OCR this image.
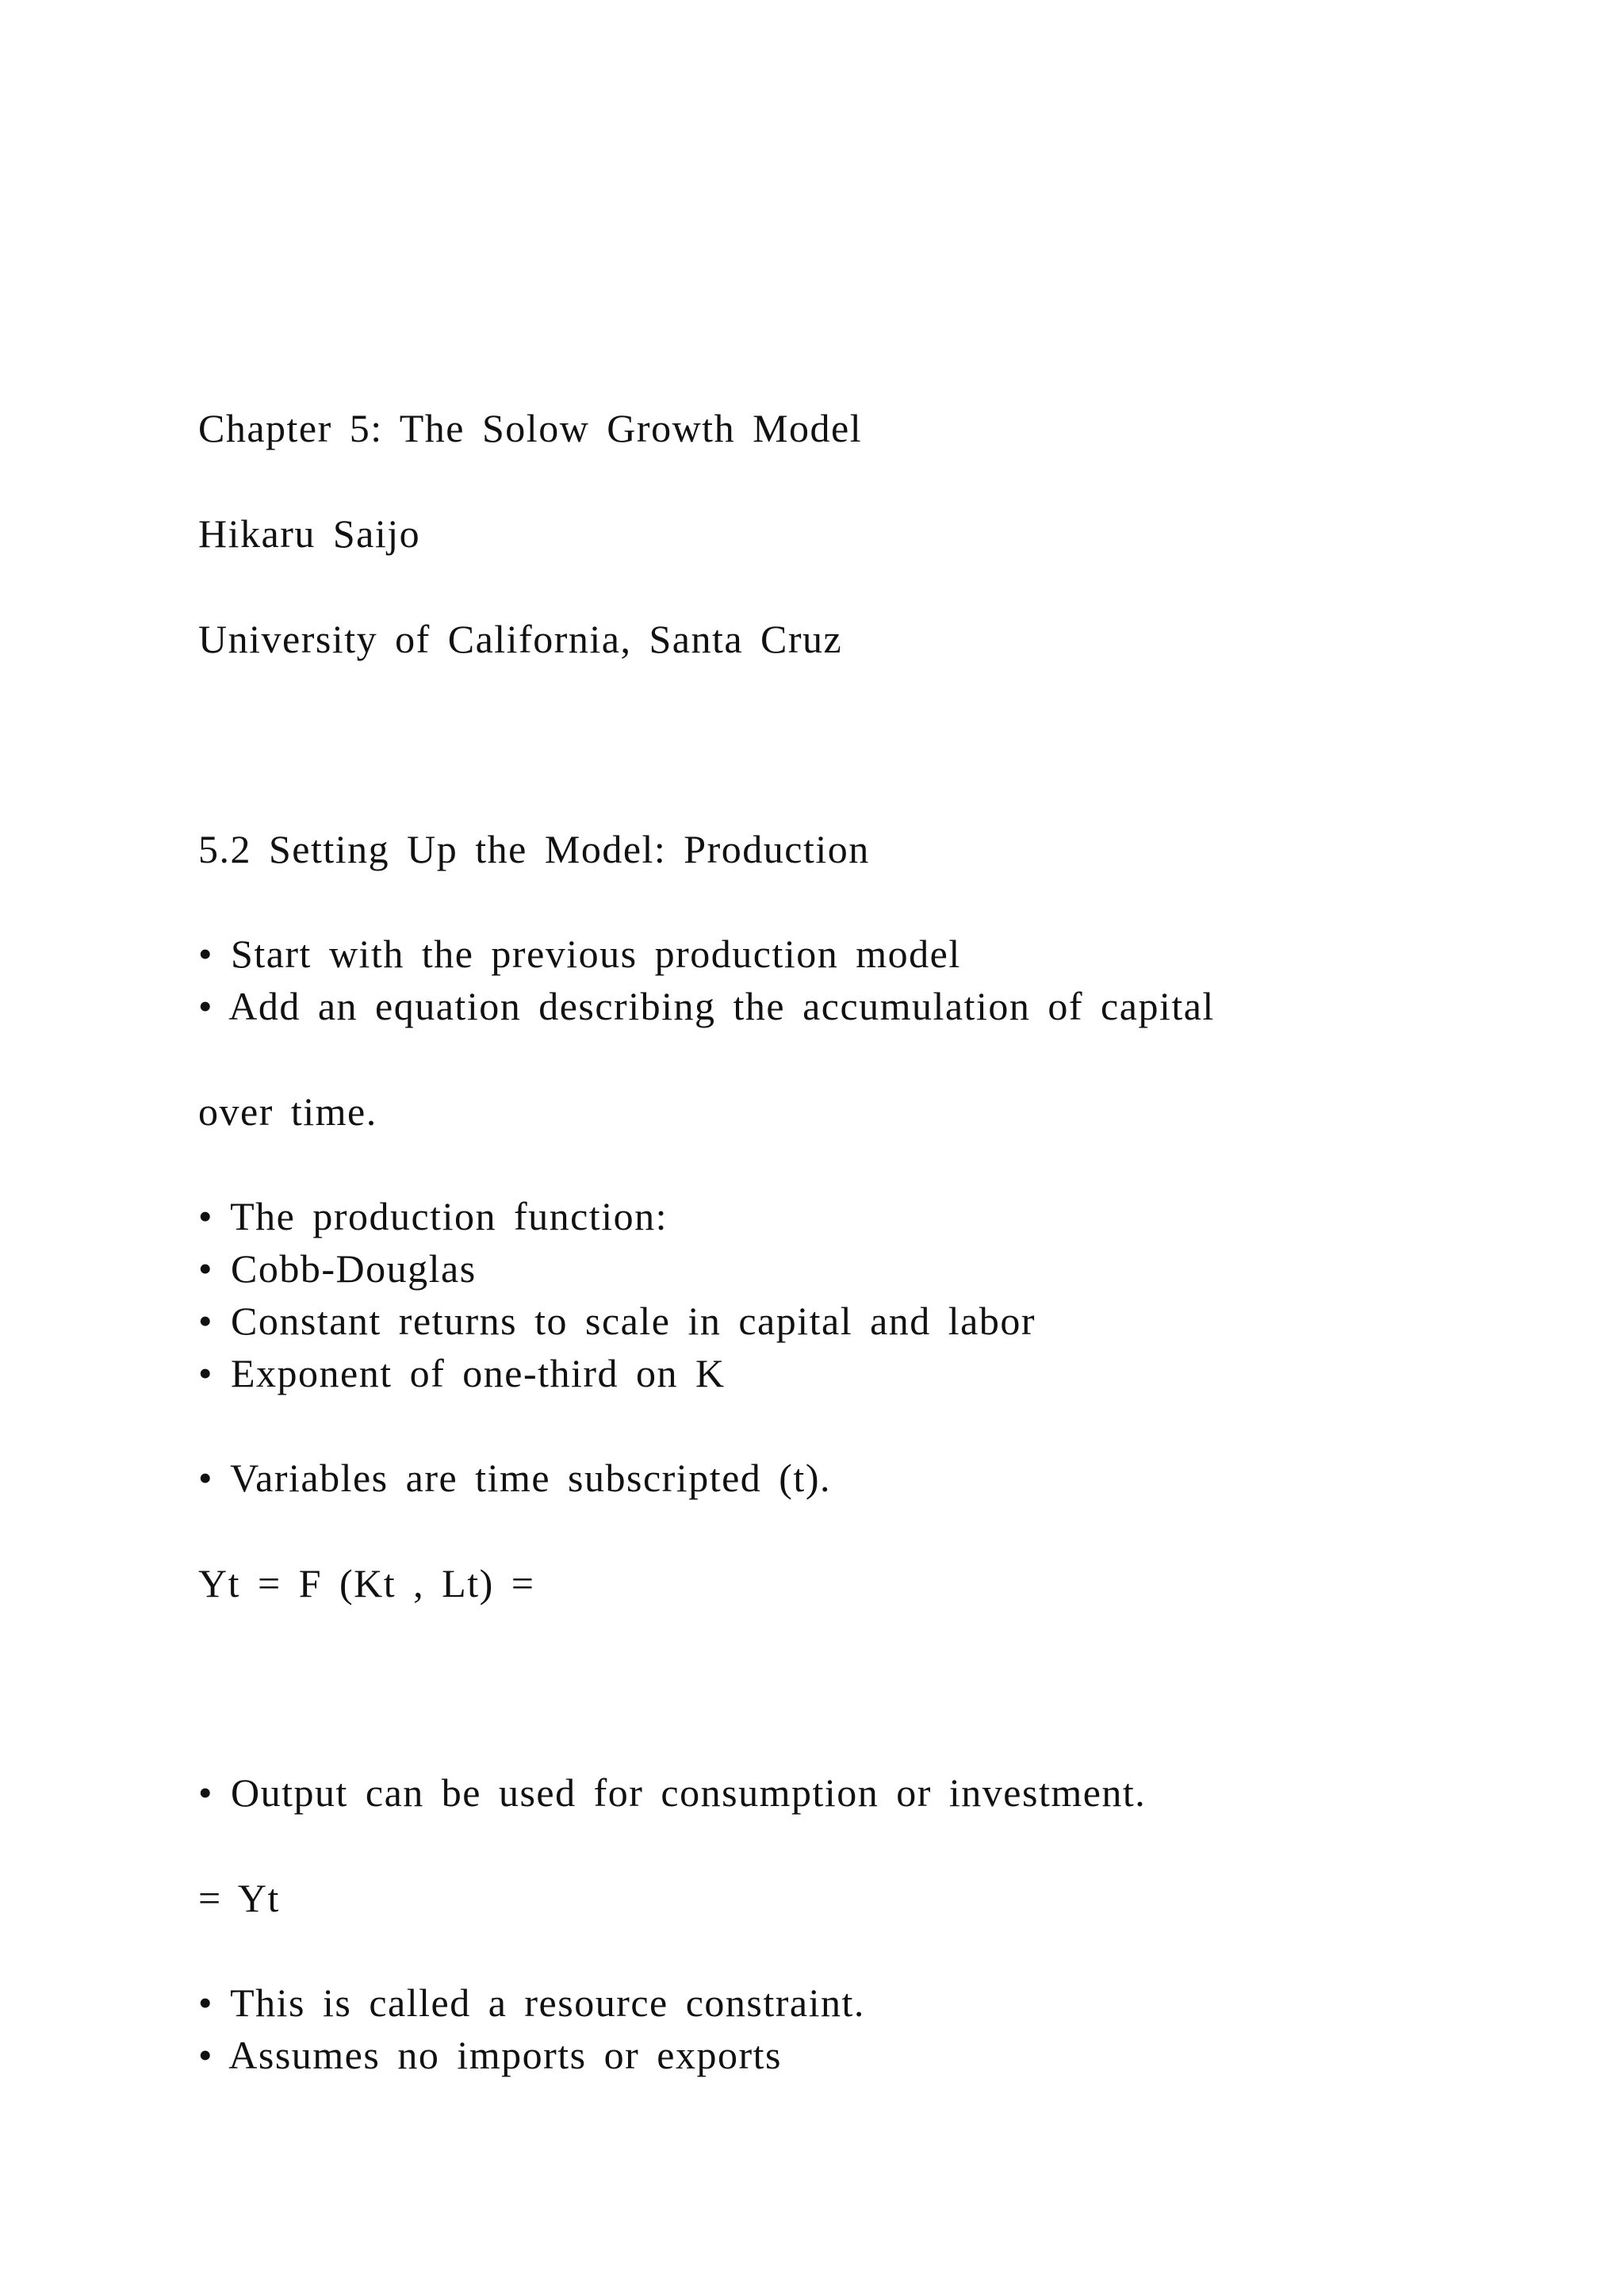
Chapter 5: The Solow Growth Model
Hikaru Saijo
University of California, Santa Cruz
5.2 Setting Up the Model: Production
• Start with the previous production model
• Add an equation describing the accumulation of capital
over time.
• The production function:
• Cobb-Douglas
• Constant returns to scale in capital and labor
• Exponent of one-third on K
• Variables are time subscripted (t).
Yt = F (Kt , Lt) =
• Output can be used for consumption or investment.
= Yt
• This is called a resource constraint.
• Assumes no imports or exports
